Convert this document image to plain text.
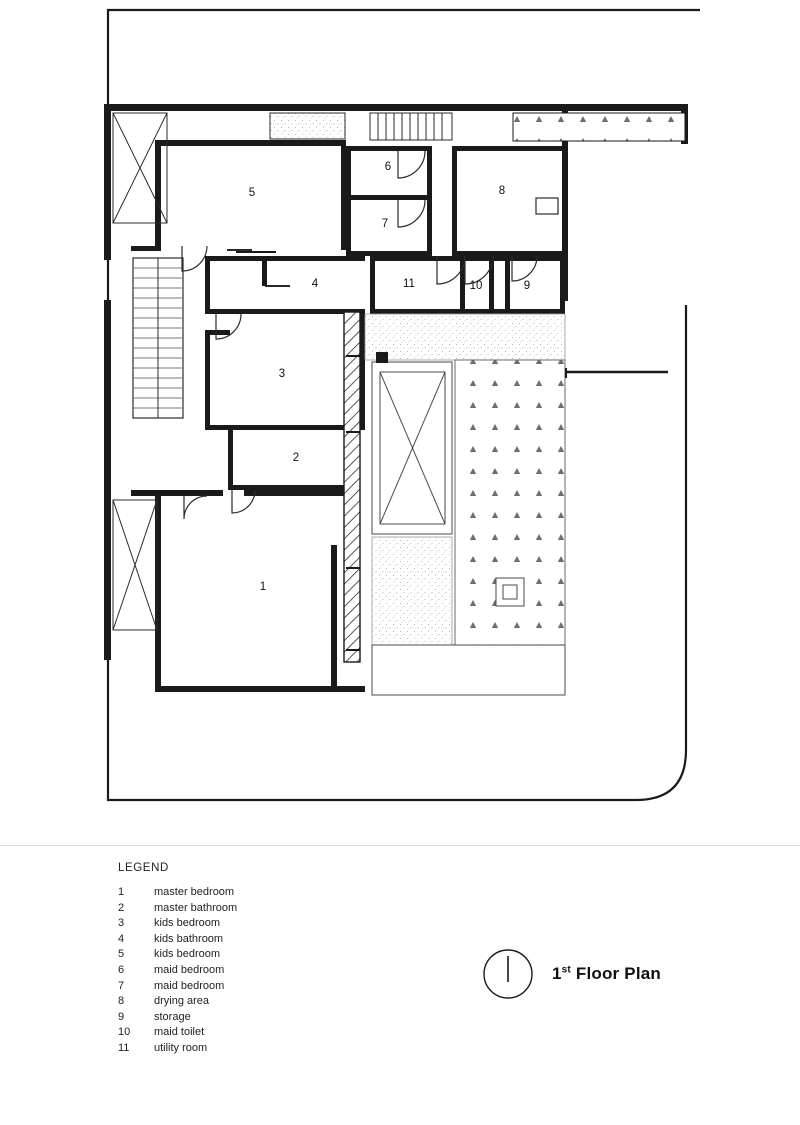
5
6
7
8
4	11	10	9
3
2
1
LEGEND
1	master bedroom
2	master bathroom
3	kids bedroom
4	kids bathroom
5	kids bedroom
6	maid bedroom
7	maid bedroom
8	drying area
9	storage
10	maid toilet
11	utility room
1st Floor Plan
